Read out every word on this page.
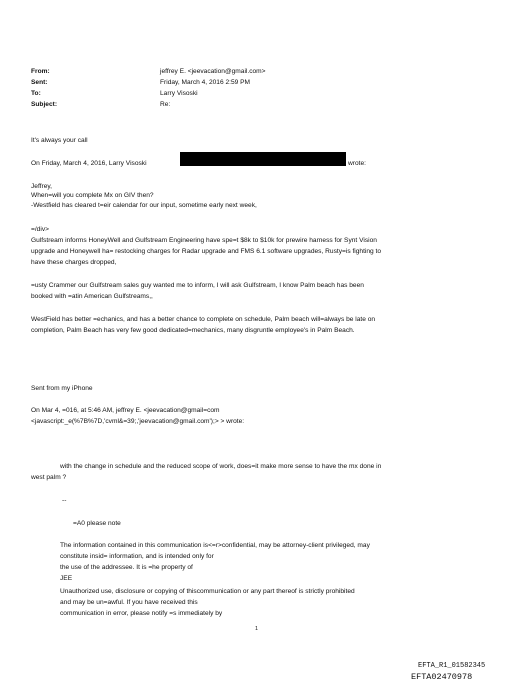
From:	jeffrey E. <jeevacation@gmail.com>
Sent:	Friday, March 4, 2016 2:59 PM
To:	Larry Visoski
Subject:	Re:
It's always your call
On Friday, March 4, 2016, Larry Visoski	wrote:
Jeffrey,
When=will you complete Mx on GIV then?
-Westfield has cleared t=eir calendar for our input, sometime early next week,
=/div>
Gulfstream informs HoneyWell and Gulfstream Engineering have spe=t $8k to $10k for prewire harness for Synt Vision
upgrade and Honeywell ha= restocking charges for Radar upgrade and FMS 6.1 software upgrades, Rusty=is fighting to
have these charges dropped,
=usty Crammer our Gulfstream sales guy wanted me to inform, I will ask Gulfstream, I know Palm beach has been
booked with =atin American Gulfstreams,,
WestField has better =echanics, and has a better chance to complete on schedule, Palm beach will=always be late on
completion, Palm Beach has very few good dedicated=mechanics, many disgruntle employee's in Palm Beach.
Sent from my iPhone
On Mar 4, =016, at 5:46 AM, jeffrey E. <jeevacation@gmail=com
<javascript:_e(%7B%7D,'cvml&=39;,'jeevacation@gmail.com');> > wrote:
with the change in schedule and the reduced scope of work, does=it make more sense to have the mx done in
west palm ?
--
=A0 please note
The information contained in this communication is<=r>confidential, may be attorney-client privileged, may
constitute insid= information, and is intended only for
the use of the addressee. It is =he property of
JEE
Unauthorized use, disclosure or copying of thiscommunication or any part thereof is strictly prohibited
and may be un=awful. If you have received this
communication in error, please notify =s immediately by
1
EFTA_R1_01582345
EFTA02470978
